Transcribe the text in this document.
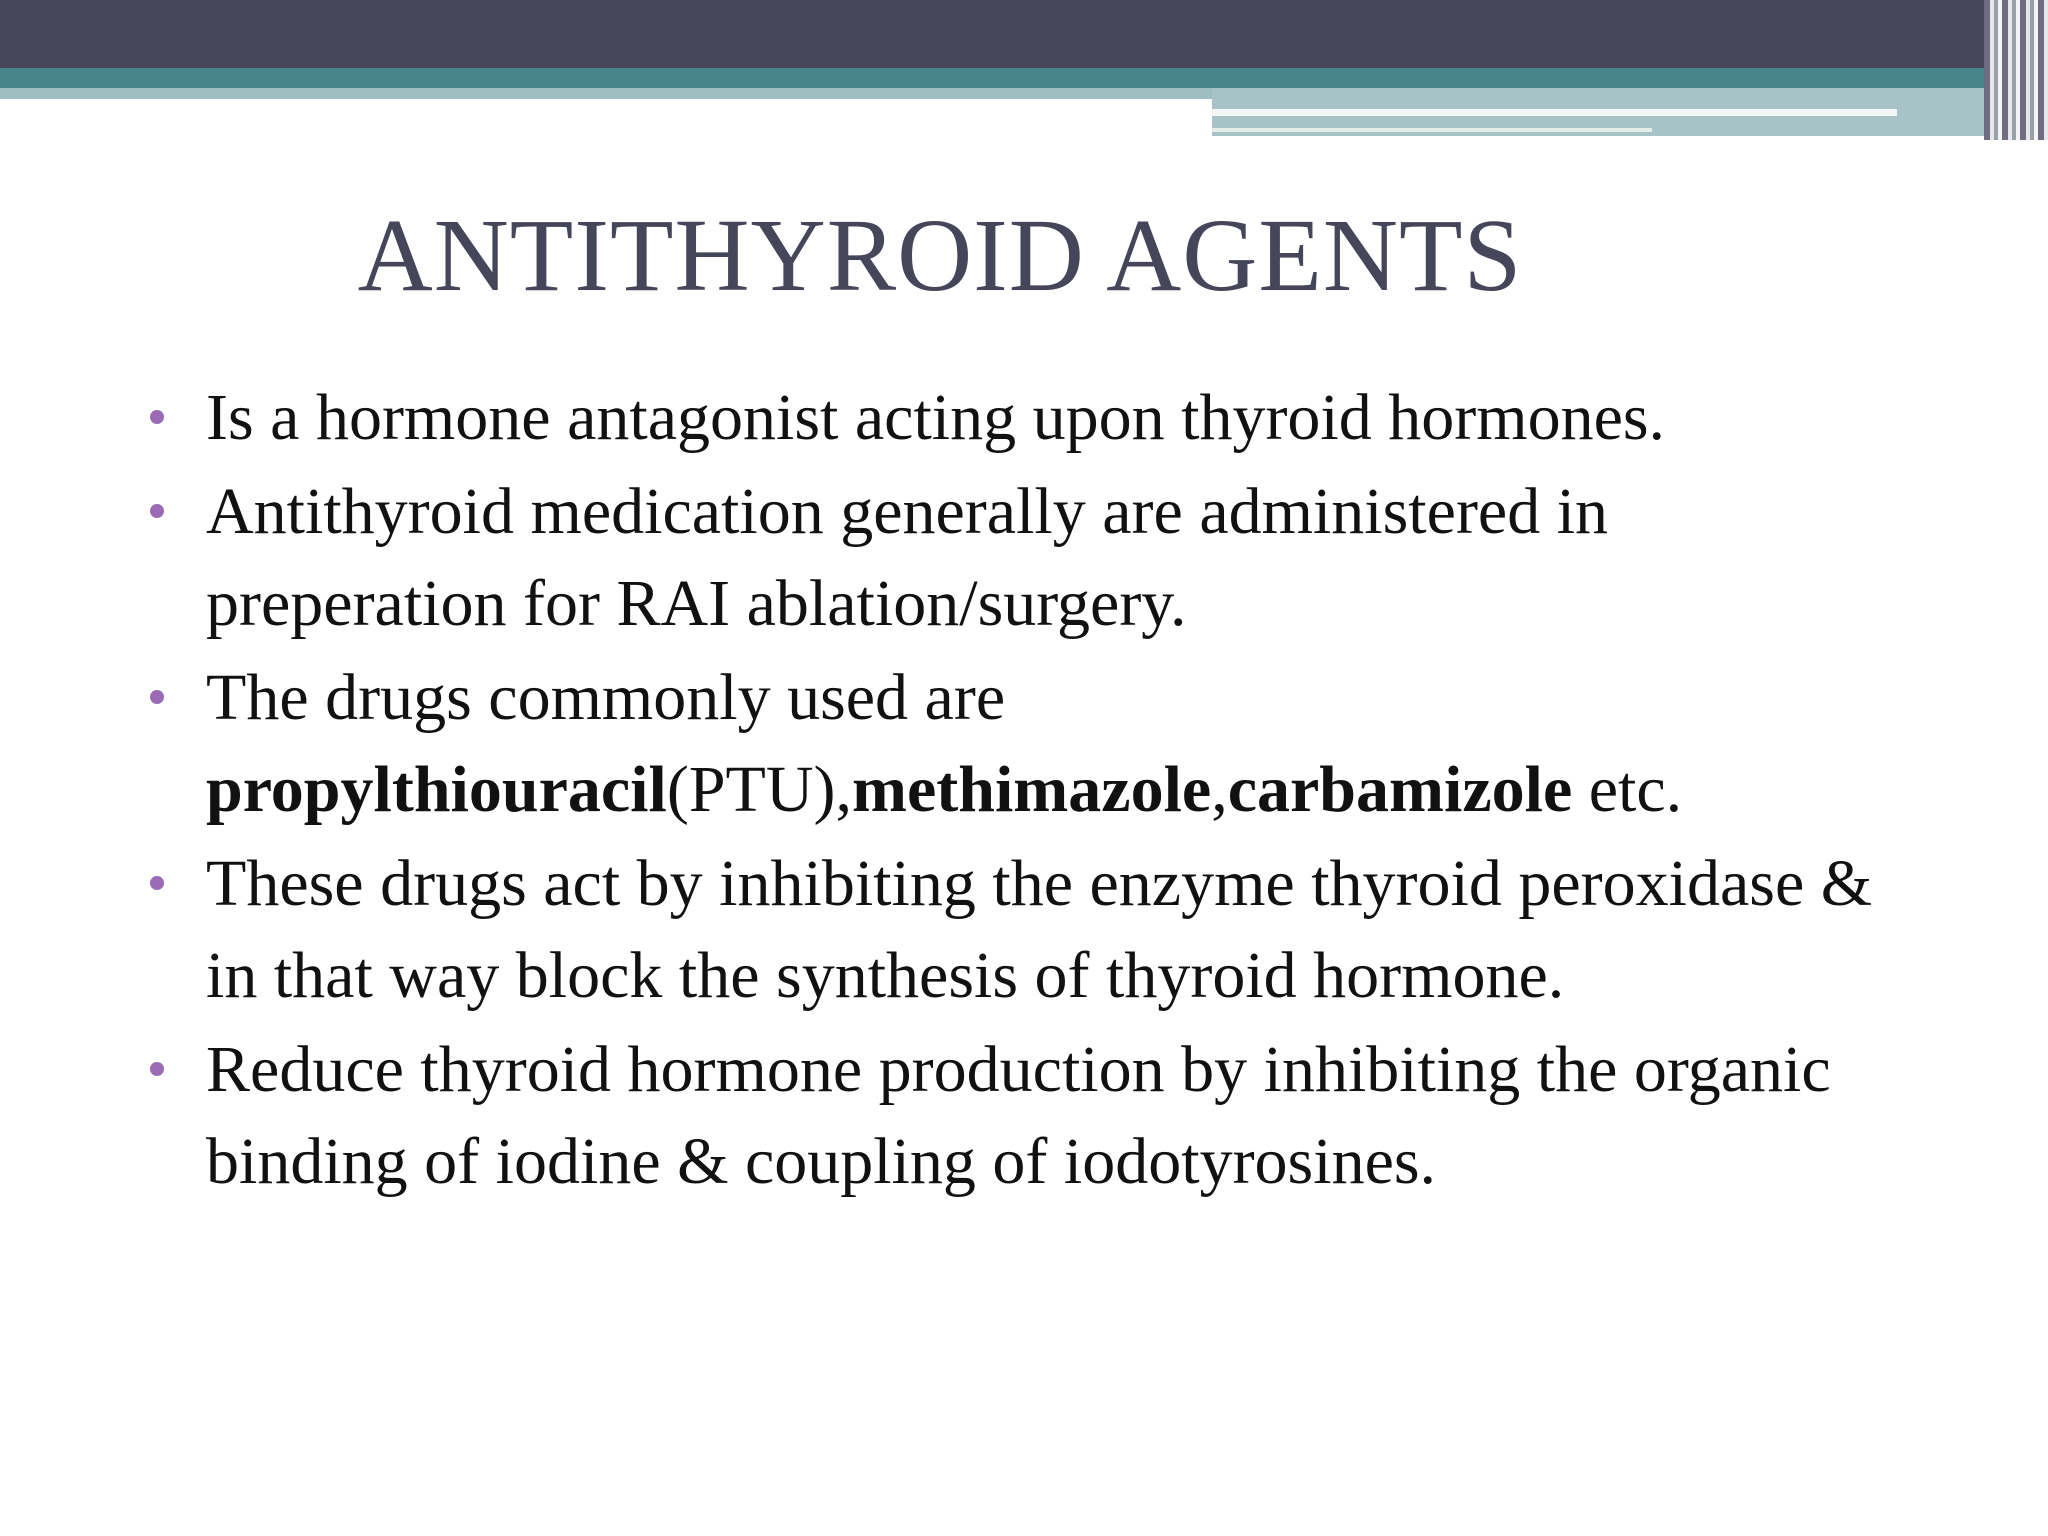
ANTITHYROID AGENTS
Is a hormone antagonist acting upon thyroid hormones.
Antithyroid medication generally are administered in preperation for RAI ablation/surgery.
The drugs commonly used are
propylthiouracil(PTU),methimazole,carbamizole etc.
These drugs act by inhibiting the enzyme thyroid peroxidase & in that way block the synthesis of thyroid hormone.
Reduce thyroid hormone production by inhibiting the organic binding of iodine & coupling of iodotyrosines.
